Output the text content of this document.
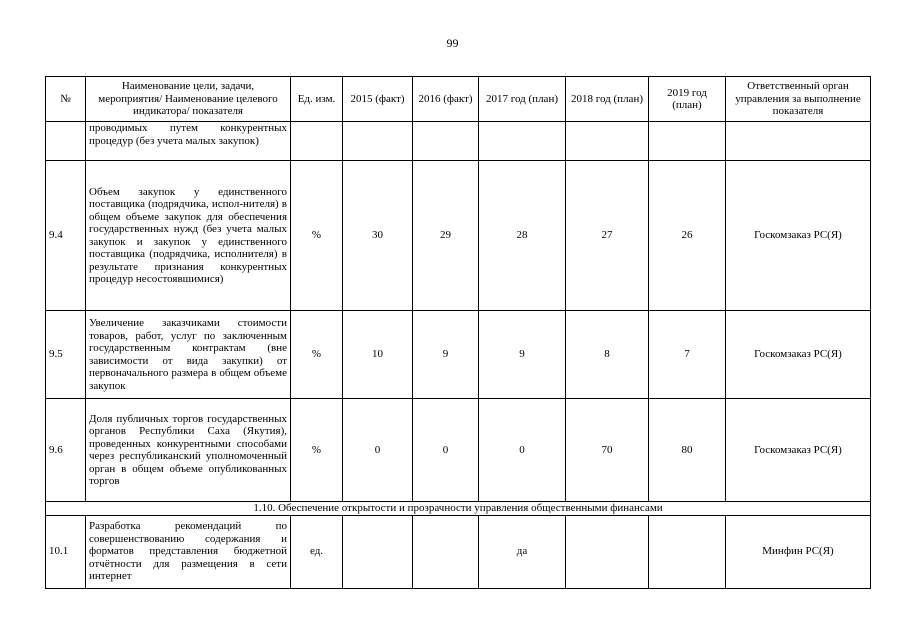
99
№	Наименование цели, задачи, мероприятия/ Наименование целевого индикатора/ показателя	Ед. изм.	2015 (факт)	2016 (факт)	2017 год (план)	2018 год (план)	2019 год (план)	Ответственный орган управления за выполнение показателя
	проводимых путем конкурентных процедур (без учета малых закупок)							
9.4	Объем закупок у единственного поставщика (подрядчика, испол-нителя) в общем объеме закупок для обеспечения государственных нужд (без учета малых закупок и закупок у единственного поставщика (подрядчика, исполнителя) в результате признания конкурентных процедур несостоявшимися)	%	30	29	28	27	26	Госкомзаказ РС(Я)
9.5	Увеличение заказчиками стоимости товаров, работ, услуг по заключенным государственным контрактам (вне зависимости от вида закупки) от первоначального размера в общем объеме закупок	%	10	9	9	8	7	Госкомзаказ РС(Я)
9.6	Доля публичных торгов государственных органов Республики Саха (Якутия), проведенных конкурентными способами через республиканский уполномоченный орган в общем объеме опубликованных торгов	%	0	0	0	70	80	Госкомзаказ РС(Я)
1.10. Обеспечение открытости и прозрачности управления общественными финансами								
10.1	Разработка рекомендаций по совершенствованию содержания и форматов представления бюджетной отчётности для размещения в сети интернет	ед.			да			Минфин РС(Я)
